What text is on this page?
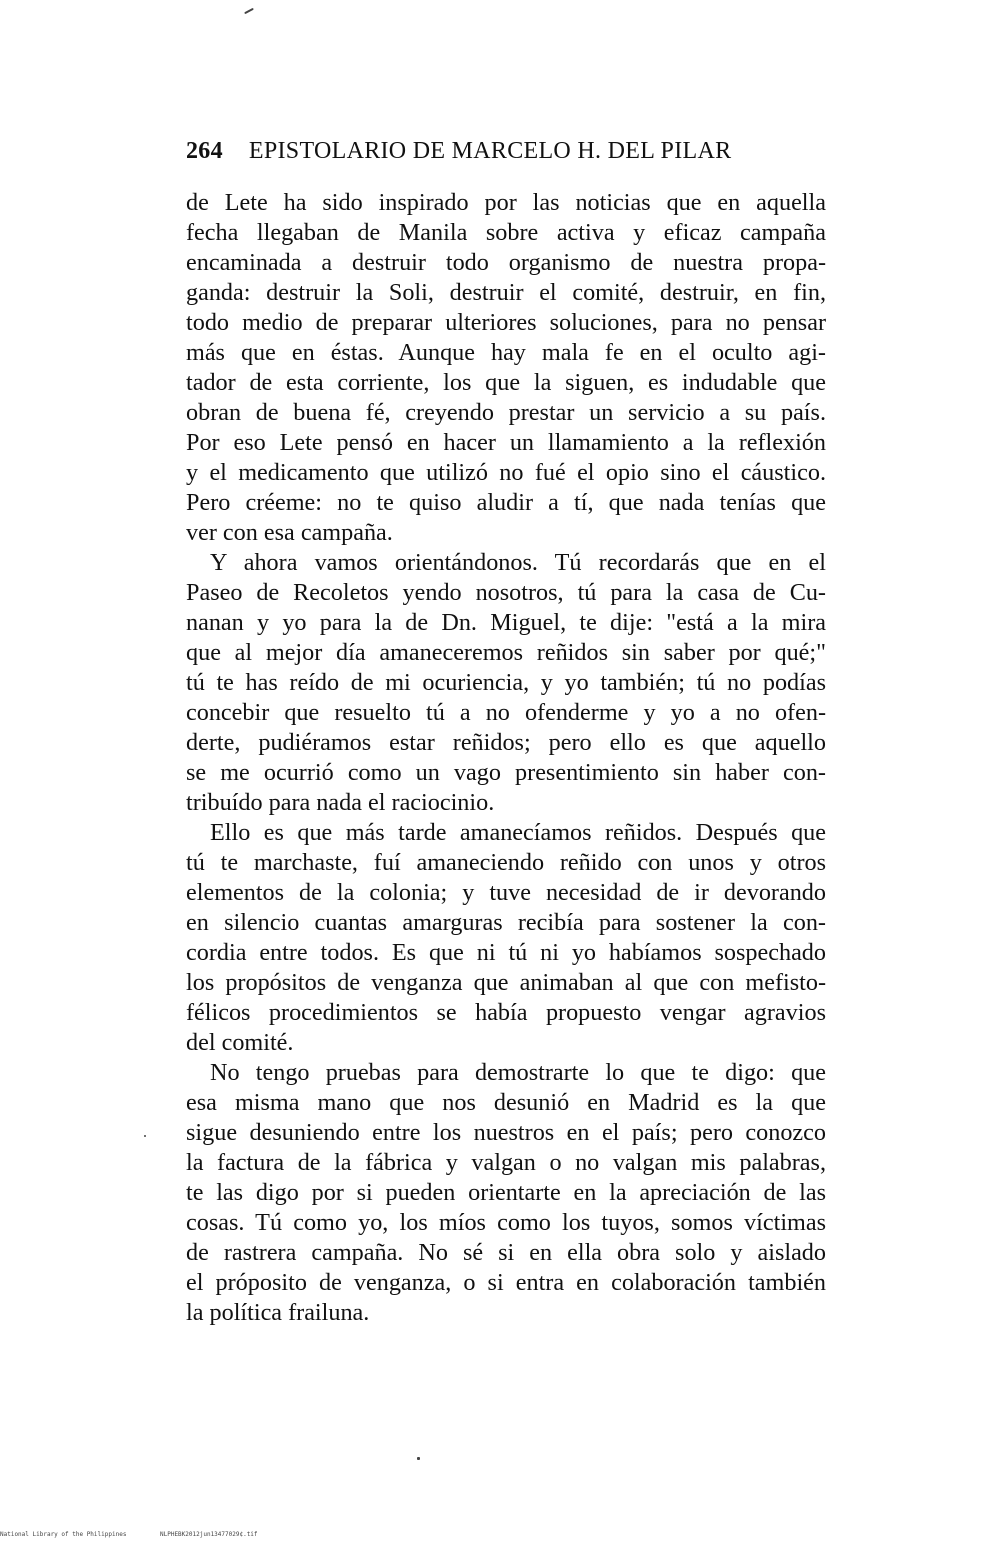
264 EPISTOLARIO DE MARCELO H. DEL PILAR
de Lete ha sido inspirado por las noticias que en aquella
fecha llegaban de Manila sobre activa y eficaz campaña
encaminada a destruir todo organismo de nuestra propa-
ganda: destruir la Soli, destruir el comité, destruir, en fin,
todo medio de preparar ulteriores soluciones, para no pensar
más que en éstas. Aunque hay mala fe en el oculto agi-
tador de esta corriente, los que la siguen, es indudable que
obran de buena fé, creyendo prestar un servicio a su país.
Por eso Lete pensó en hacer un llamamiento a la reflexión
y el medicamento que utilizó no fué el opio sino el cáustico.
Pero créeme: no te quiso aludir a tí, que nada tenías que
ver con esa campaña.
Y ahora vamos orientándonos. Tú recordarás que en el
Paseo de Recoletos yendo nosotros, tú para la casa de Cu-
nanan y yo para la de Dn. Miguel, te dije: "está a la mira
que al mejor día amaneceremos reñidos sin saber por qué;"
tú te has reído de mi ocuriencia, y yo también; tú no podías
concebir que resuelto tú a no ofenderme y yo a no ofen-
derte, pudiéramos estar reñidos; pero ello es que aquello
se me ocurrió como un vago presentimiento sin haber con-
tribuído para nada el raciocinio.
Ello es que más tarde amanecíamos reñidos. Después que
tú te marchaste, fuí amaneciendo reñido con unos y otros
elementos de la colonia; y tuve necesidad de ir devorando
en silencio cuantas amarguras recibía para sostener la con-
cordia entre todos. Es que ni tú ni yo habíamos sospechado
los propósitos de venganza que animaban al que con mefisto-
félicos procedimientos se había propuesto vengar agravios
del comité.
No tengo pruebas para demostrarte lo que te digo: que
esa misma mano que nos desunió en Madrid es la que
sigue desuniendo entre los nuestros en el país; pero conozco
la factura de la fábrica y valgan o no valgan mis palabras,
te las digo por si pueden orientarte en la apreciación de las
cosas. Tú como yo, los míos como los tuyos, somos víctimas
de rastrera campaña. No sé si en ella obra solo y aislado
el próposito de venganza, o si entra en colaboración también
la política frailuna.
National Library of the Philippines	NLPHEBK2012jun13477029¢.tif
